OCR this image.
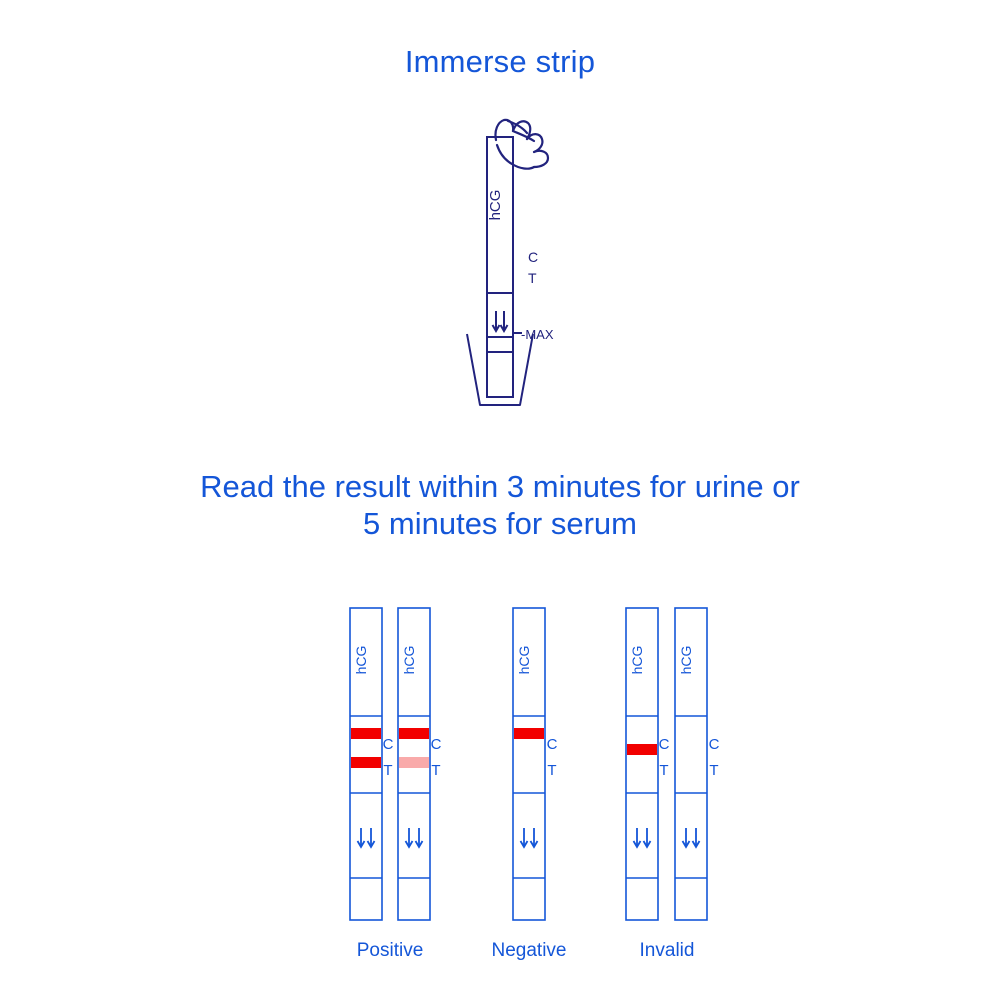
Immerse strip
Read the result within 3 minutes for urine or
5 minutes for serum
hCG
C
T
-MAX
hCG hCG	hCG	hCG hCG
C
T
C
T
C
T
C
T
C
T
Positive	Negative	Invalid
